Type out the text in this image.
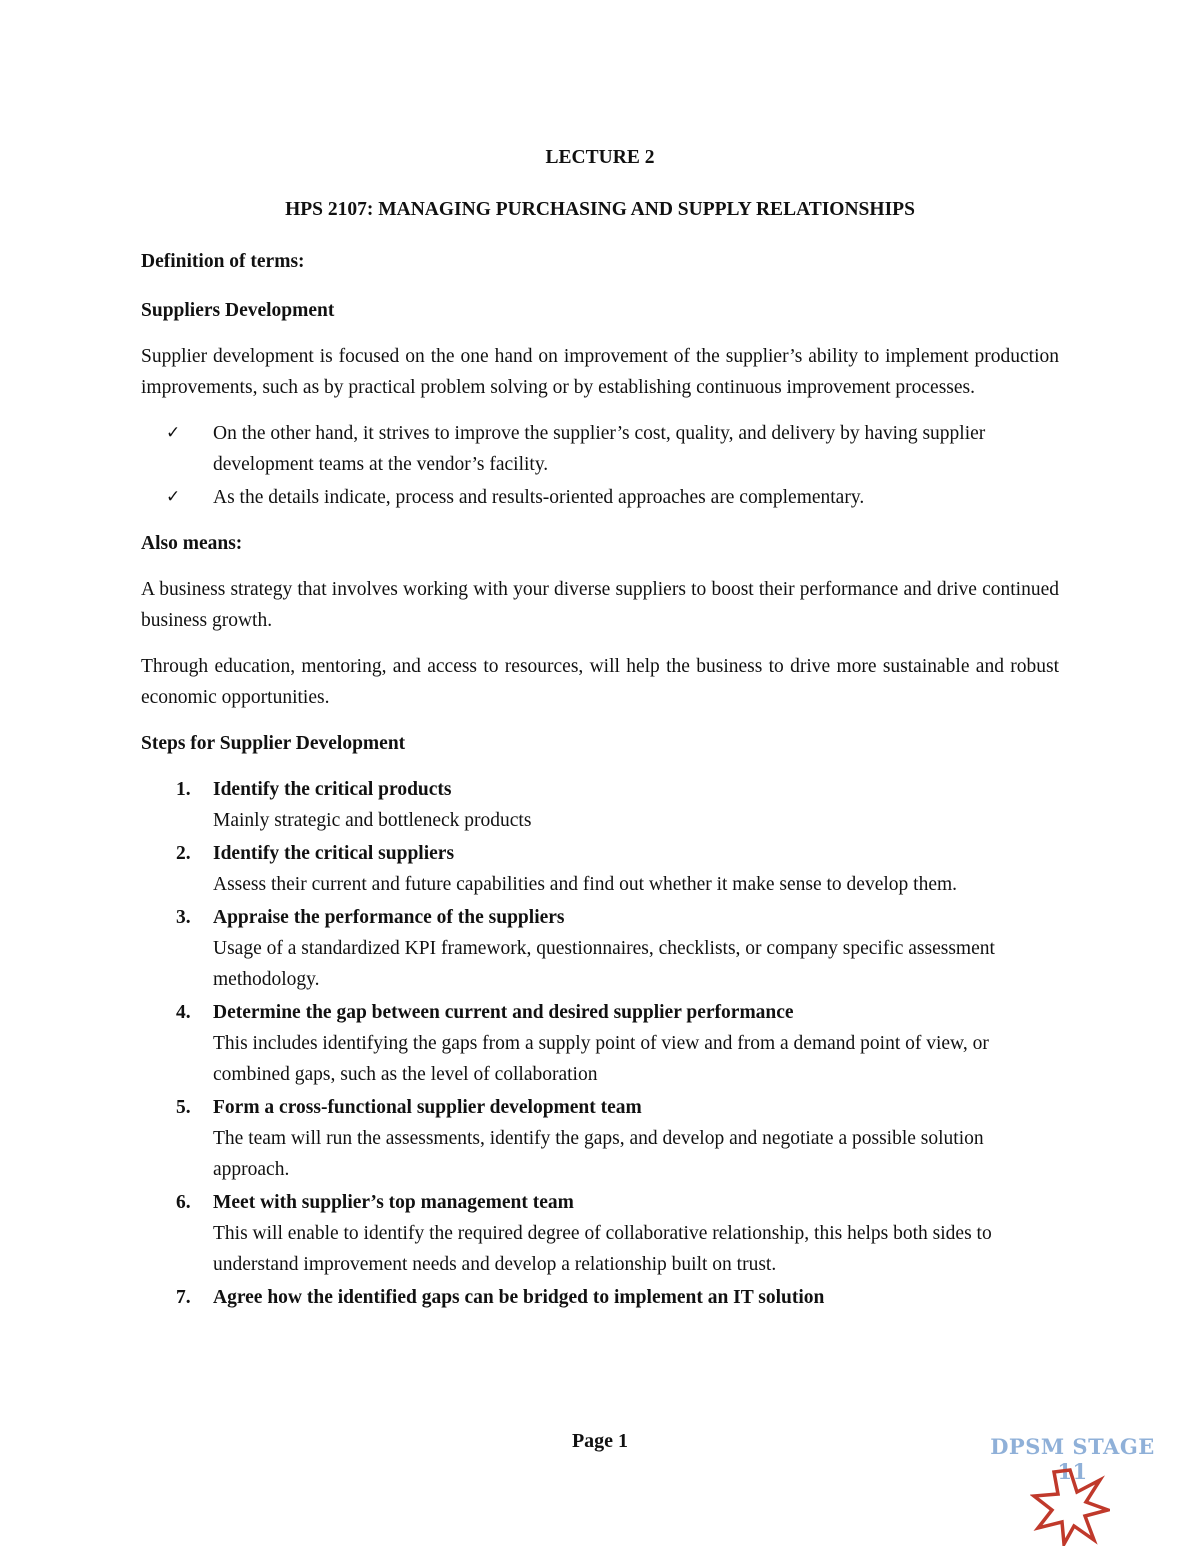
LECTURE 2

HPS 2107: MANAGING PURCHASING AND SUPPLY RELATIONSHIPS

Definition of terms:

Suppliers Development

Supplier development is focused on the one hand on improvement of the supplier’s ability to implement production improvements, such as by practical problem solving or by establishing continuous improvement processes.

✓ On the other hand, it strives to improve the supplier’s cost, quality, and delivery by having supplier development teams at the vendor’s facility.
✓ As the details indicate, process and results-oriented approaches are complementary.

Also means:

A business strategy that involves working with your diverse suppliers to boost their performance and drive continued business growth.

Through education, mentoring, and access to resources, will help the business to drive more sustainable and robust economic opportunities.

Steps for Supplier Development

1. Identify the critical products
Mainly strategic and bottleneck products
2. Identify the critical suppliers
Assess their current and future capabilities and find out whether it make sense to develop them.
3. Appraise the performance of the suppliers
Usage of a standardized KPI framework, questionnaires, checklists, or company specific assessment methodology.
4. Determine the gap between current and desired supplier performance
This includes identifying the gaps from a supply point of view and from a demand point of view, or combined gaps, such as the level of collaboration
5. Form a cross-functional supplier development team
The team will run the assessments, identify the gaps, and develop and negotiate a possible solution approach.
6. Meet with supplier’s top management team
This will enable to identify the required degree of collaborative relationship, this helps both sides to understand improvement needs and develop a relationship built on trust.
7. Agree how the identified gaps can be bridged to implement an IT solution
Page 1	DPSM STAGE 11
